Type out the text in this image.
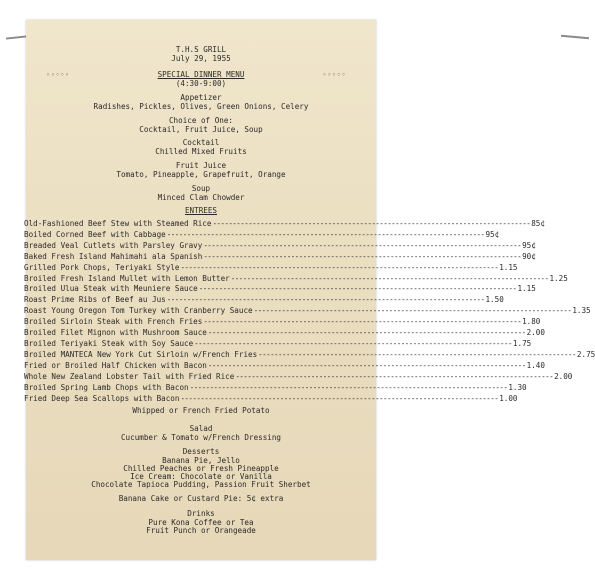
◦◦◦◦◦	◦◦◦◦◦
T.H.S GRILL
July 29, 1955
SPECIAL DINNER MENU
(4:30-9:00)
Appetizer
Radishes, Pickles, Olives, Green Onions, Celery
Choice of One:
Cocktail, Fruit Juice, Soup
Cocktail
Chilled Mixed Fruits
Fruit Juice
Tomato, Pineapple, Grapefruit, Orange
Soup
Minced Clam Chowder
ENTREES
Old-Fashioned Beef Stew with Steamed Rice -------------------------------------------------------------------------------- 85¢
Boiled Corned Beef with Cabbage -------------------------------------------------------------------------------- 95¢
Breaded Veal Cutlets with Parsley Gravy -------------------------------------------------------------------------------- 95¢
Baked Fresh Island Mahimahi ala Spanish -------------------------------------------------------------------------------- 90¢
Grilled Pork Chops, Teriyaki Style -------------------------------------------------------------------------------- 1.15
Broiled Fresh Island Mullet with Lemon Butter -------------------------------------------------------------------------------- 1.25
Broiled Ulua Steak with Meuniere Sauce -------------------------------------------------------------------------------- 1.15
Roast Prime Ribs of Beef au Jus -------------------------------------------------------------------------------- 1.50
Roast Young Oregon Tom Turkey with Cranberry Sauce -------------------------------------------------------------------------------- 1.35
Broiled Sirloin Steak with French Fries -------------------------------------------------------------------------------- 1.80
Broiled Filet Mignon with Mushroom Sauce -------------------------------------------------------------------------------- 2.00
Broiled Teriyaki Steak with Soy Sauce -------------------------------------------------------------------------------- 1.75
Broiled MANTECA New York Cut Sirloin w/French Fries -------------------------------------------------------------------------------- 2.75
Fried or Broiled Half Chicken with Bacon -------------------------------------------------------------------------------- 1.40
Whole New Zealand Lobster Tail with Fried Rice -------------------------------------------------------------------------------- 2.00
Broiled Spring Lamb Chops with Bacon -------------------------------------------------------------------------------- 1.30
Fried Deep Sea Scallops with Bacon -------------------------------------------------------------------------------- 1.00
Whipped or French Fried Potato
Salad
Cucumber & Tomato w/French Dressing
Desserts
Banana Pie, Jello
Chilled Peaches or Fresh Pineapple
Ice Cream: Chocolate or Vanilla
Chocolate Tapioca Pudding, Passion Fruit Sherbet
Banana Cake or Custard Pie: 5¢ extra
Drinks
Pure Kona Coffee or Tea
Fruit Punch or Orangeade
